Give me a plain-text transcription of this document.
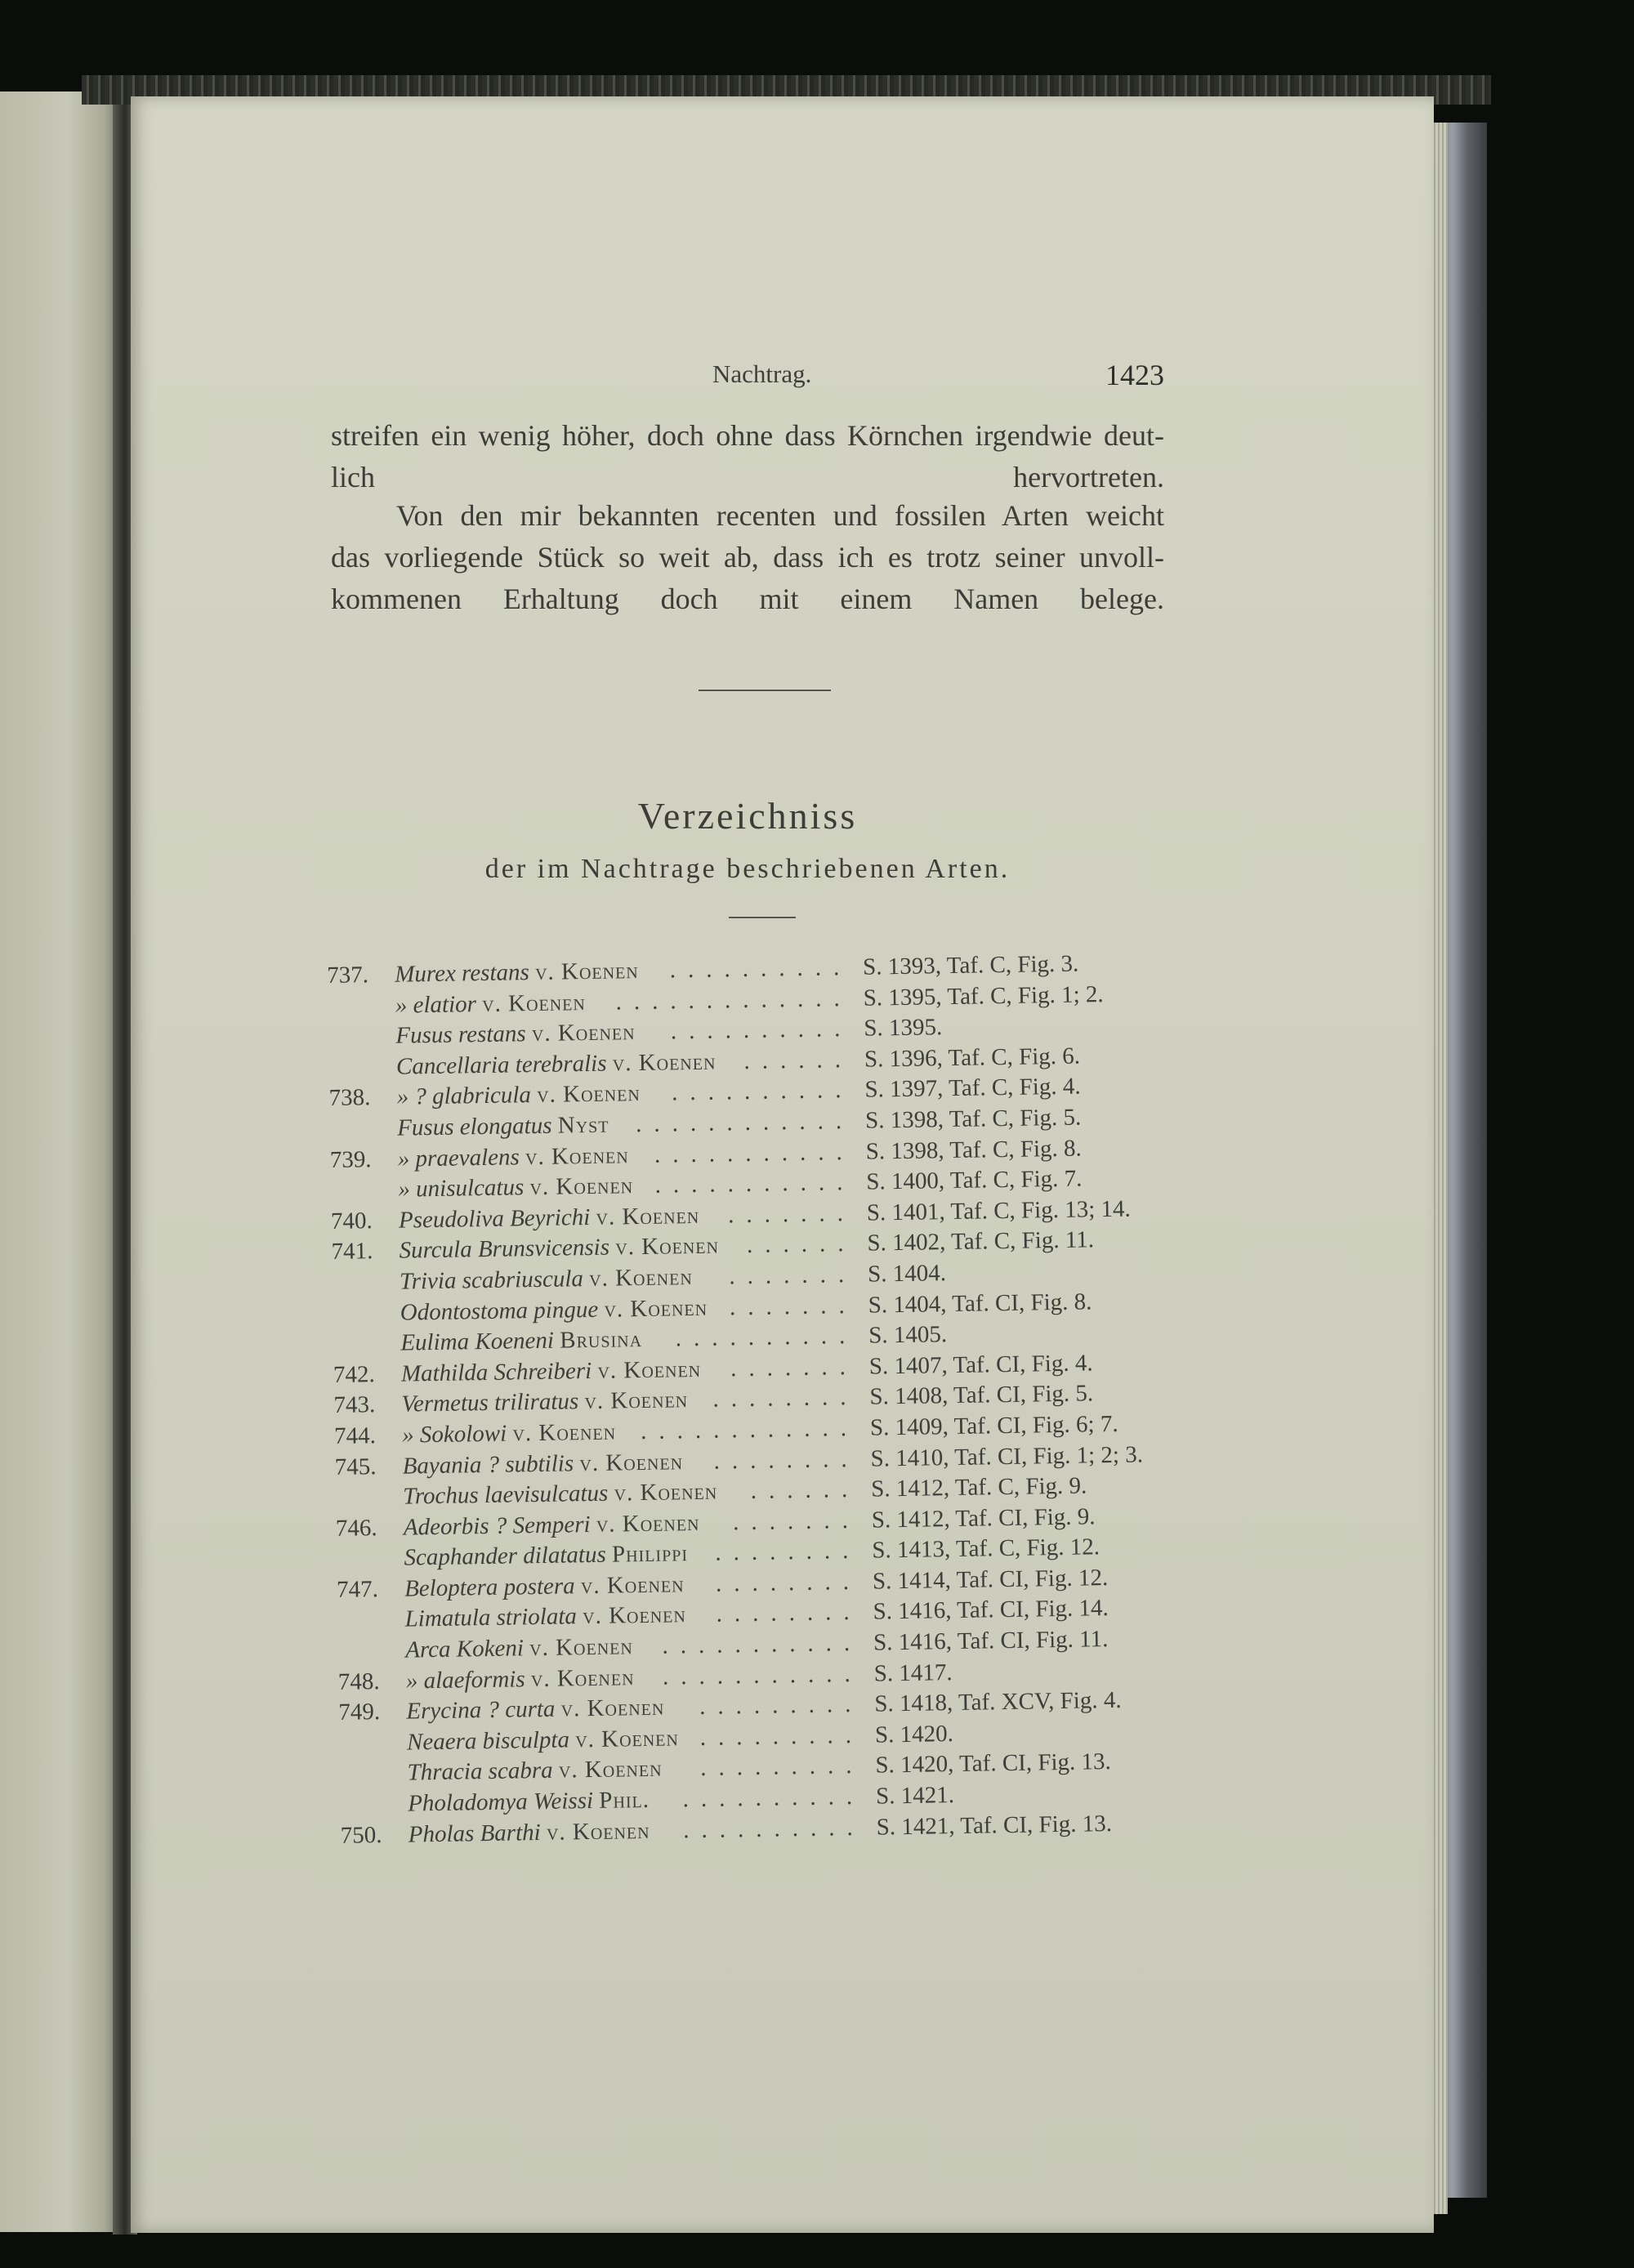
Nachtrag.	1423
streifen ein wenig höher, doch ohne dass Körnchen irgendwie deut-
lich hervortreten.
Von den mir bekannten recenten und fossilen Arten weicht
das vorliegende Stück so weit ab, dass ich es trotz seiner unvoll-
kommenen Erhaltung doch mit einem Namen belege.
Verzeichniss
der im Nachtrage beschriebenen Arten.
737.	Murex restans v. Koenen	S. 1393, Taf. C, Fig. 3.
..........
» elatior v. Koenen	S. 1395, Taf. C, Fig. 1; 2.
.............
Fusus restans v. Koenen	S. 1395.
..........
Cancellaria terebralis v. Koenen	S. 1396, Taf. C, Fig. 6.
......
738.	» ? glabricula v. Koenen	S. 1397, Taf. C, Fig. 4.
..........
Fusus elongatus Nyst	S. 1398, Taf. C, Fig. 5.
............
739.	» praevalens v. Koenen	S. 1398, Taf. C, Fig. 8.
...........
» unisulcatus v. Koenen	S. 1400, Taf. C, Fig. 7.
...........
740.	Pseudoliva Beyrichi v. Koenen	S. 1401, Taf. C, Fig. 13; 14.
.......
741.	Surcula Brunsvicensis v. Koenen	S. 1402, Taf. C, Fig. 11.
......
Trivia scabriuscula v. Koenen	S. 1404.
.......
Odontostoma pingue v. Koenen	S. 1404, Taf. CI, Fig. 8.
.......
Eulima Koeneni Brusina	S. 1405.
..........
742.	Mathilda Schreiberi v. Koenen	S. 1407, Taf. CI, Fig. 4.
.......
743.	Vermetus triliratus v. Koenen	S. 1408, Taf. CI, Fig. 5.
........
744.	» Sokolowi v. Koenen	S. 1409, Taf. CI, Fig. 6; 7.
............
745.	Bayania ? subtilis v. Koenen	S. 1410, Taf. CI, Fig. 1; 2; 3.
........
Trochus laevisulcatus v. Koenen	S. 1412, Taf. C, Fig. 9.
......
746.	Adeorbis ? Semperi v. Koenen	S. 1412, Taf. CI, Fig. 9.
.......
Scaphander dilatatus Philippi	S. 1413, Taf. C, Fig. 12.
........
747.	Beloptera postera v. Koenen	S. 1414, Taf. CI, Fig. 12.
........
Limatula striolata v. Koenen	S. 1416, Taf. CI, Fig. 14.
........
Arca Kokeni v. Koenen	S. 1416, Taf. CI, Fig. 11.
...........
748.	» alaeformis v. Koenen	S. 1417.
...........
749.	Erycina ? curta v. Koenen	S. 1418, Taf. XCV, Fig. 4.
.........
Neaera bisculpta v. Koenen	S. 1420.
.........
Thracia scabra v. Koenen	S. 1420, Taf. CI, Fig. 13.
.........
Pholadomya Weissi Phil.	S. 1421.
..........
750.	Pholas Barthi v. Koenen	S. 1421, Taf. CI, Fig. 13.
..........
